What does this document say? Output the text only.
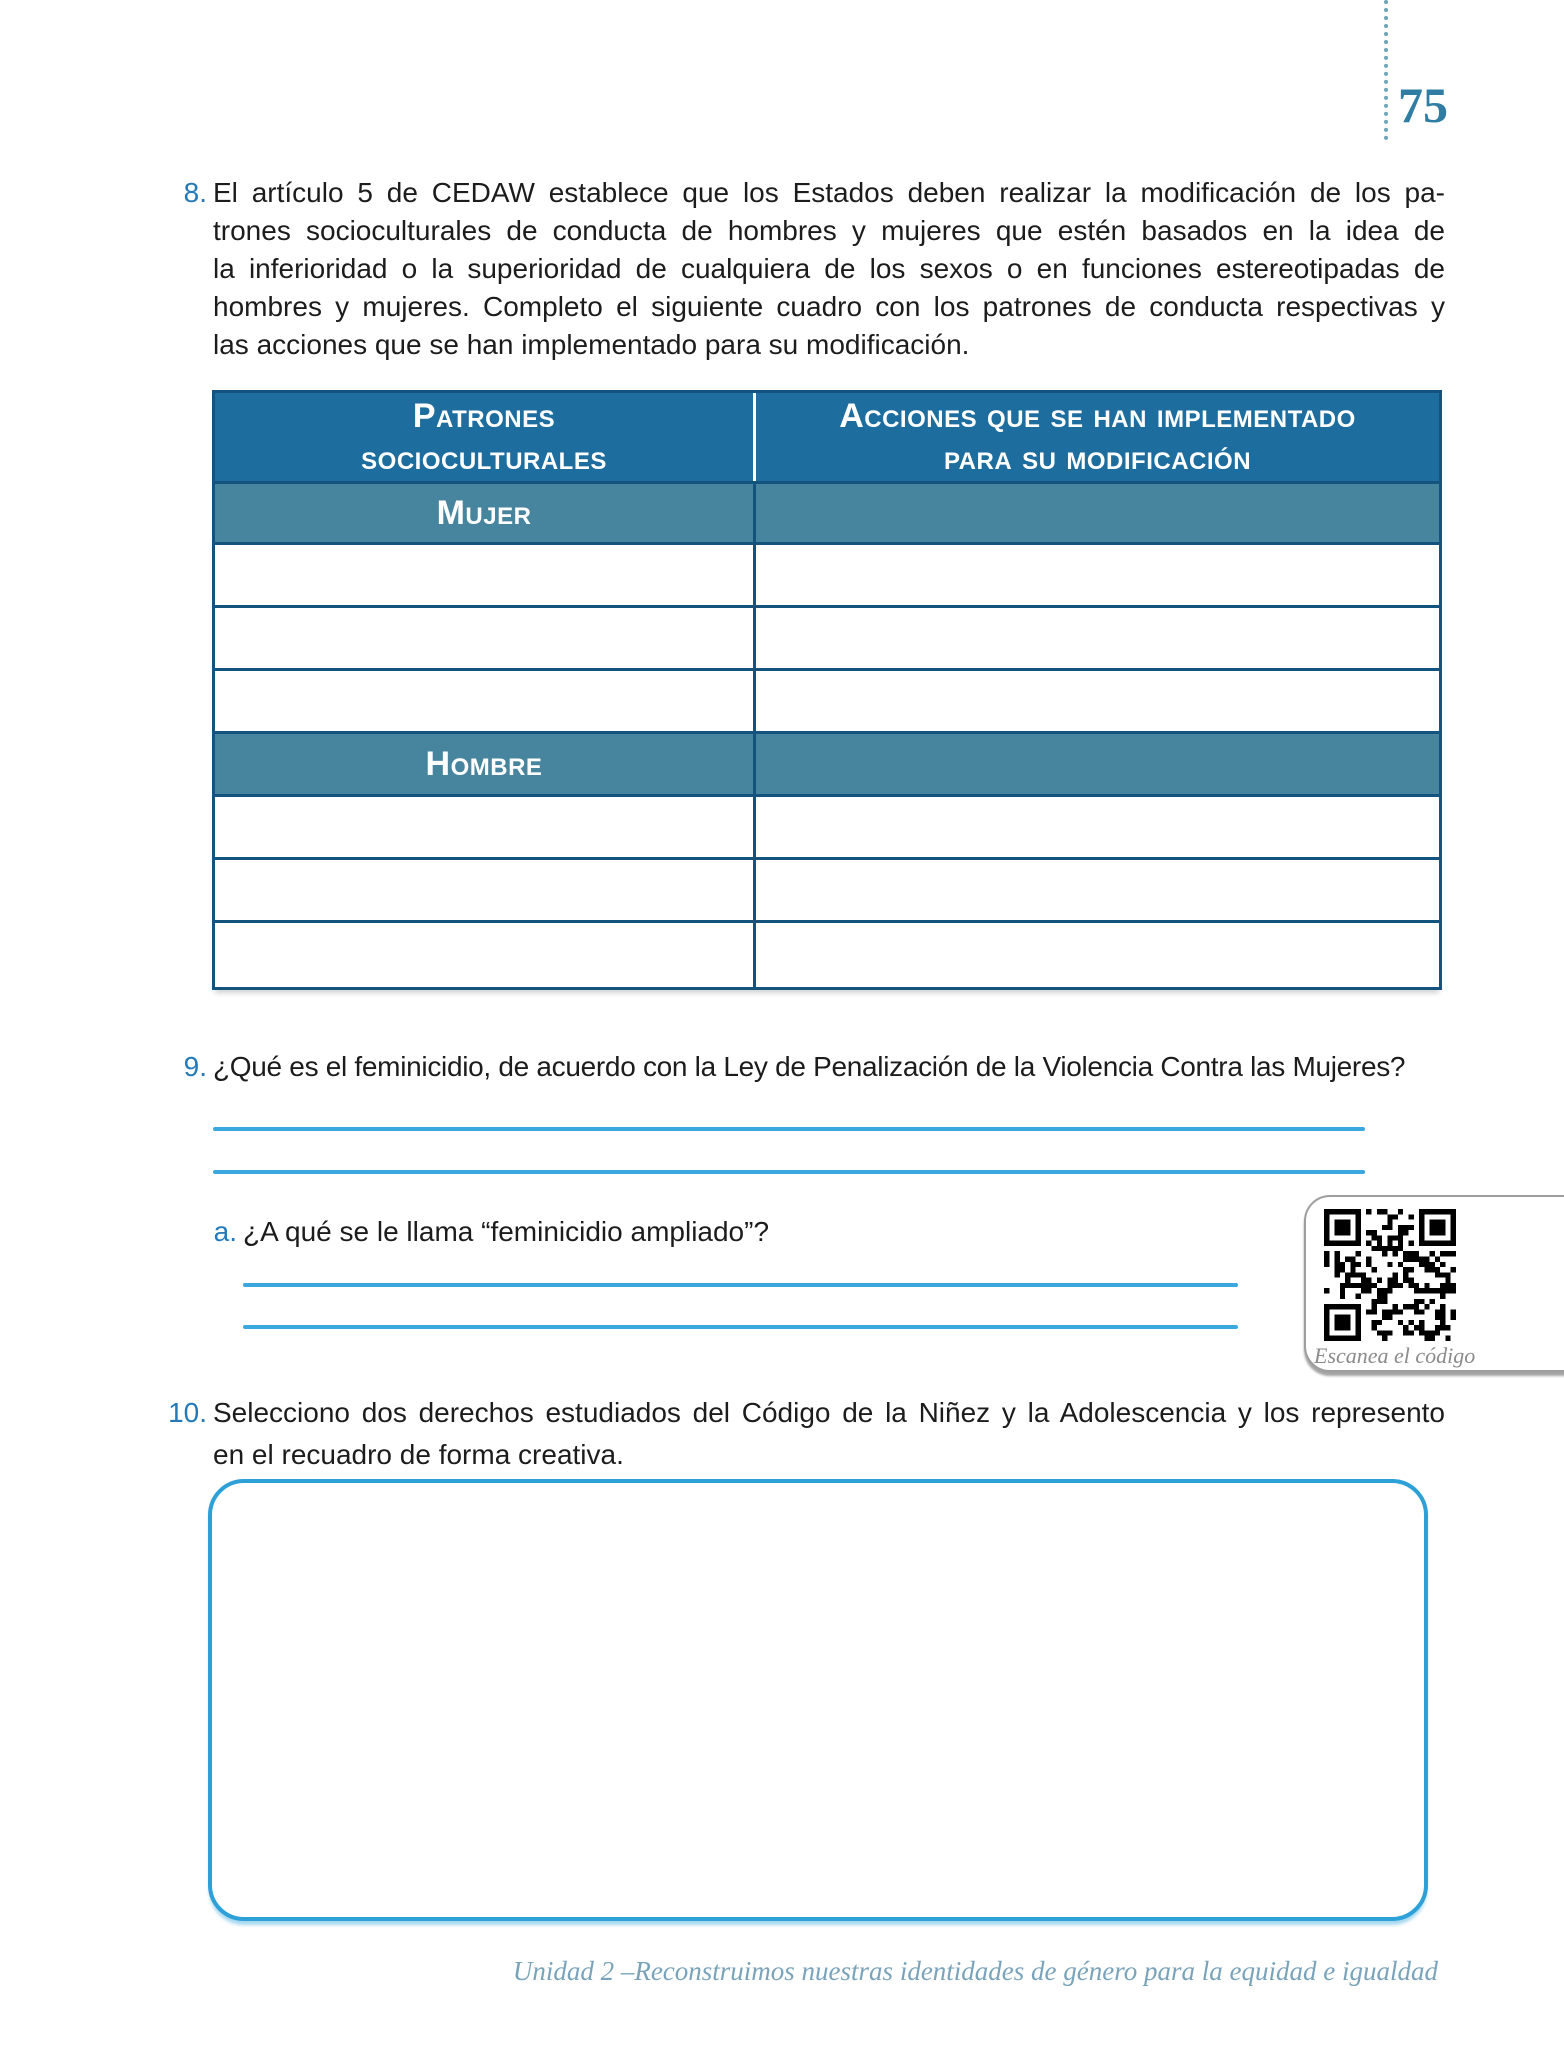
75
8. El artículo 5 de CEDAW establece que los Estados deben realizar la modificación de los pa-
trones socioculturales de conducta de hombres y mujeres que estén basados en la idea de
la inferioridad o la superioridad de cualquiera de los sexos o en funciones estereotipadas de
hombres y mujeres. Completo el siguiente cuadro con los patrones de conducta respectivas y
las acciones que se han implementado para su modificación.
Patrones
socioculturales
Acciones que se han implementado
para su modificación
Mujer
Hombre
9. ¿Qué es el feminicidio, de acuerdo con la Ley de Penalización de la Violencia Contra las Mujeres?
a. ¿A qué se le llama “feminicidio ampliado”?
Escanea el código
10. Selecciono dos derechos estudiados del Código de la Niñez y la Adolescencia y los represento
en el recuadro de forma creativa.
Unidad 2 –Reconstruimos nuestras identidades de género para la equidad e igualdad
